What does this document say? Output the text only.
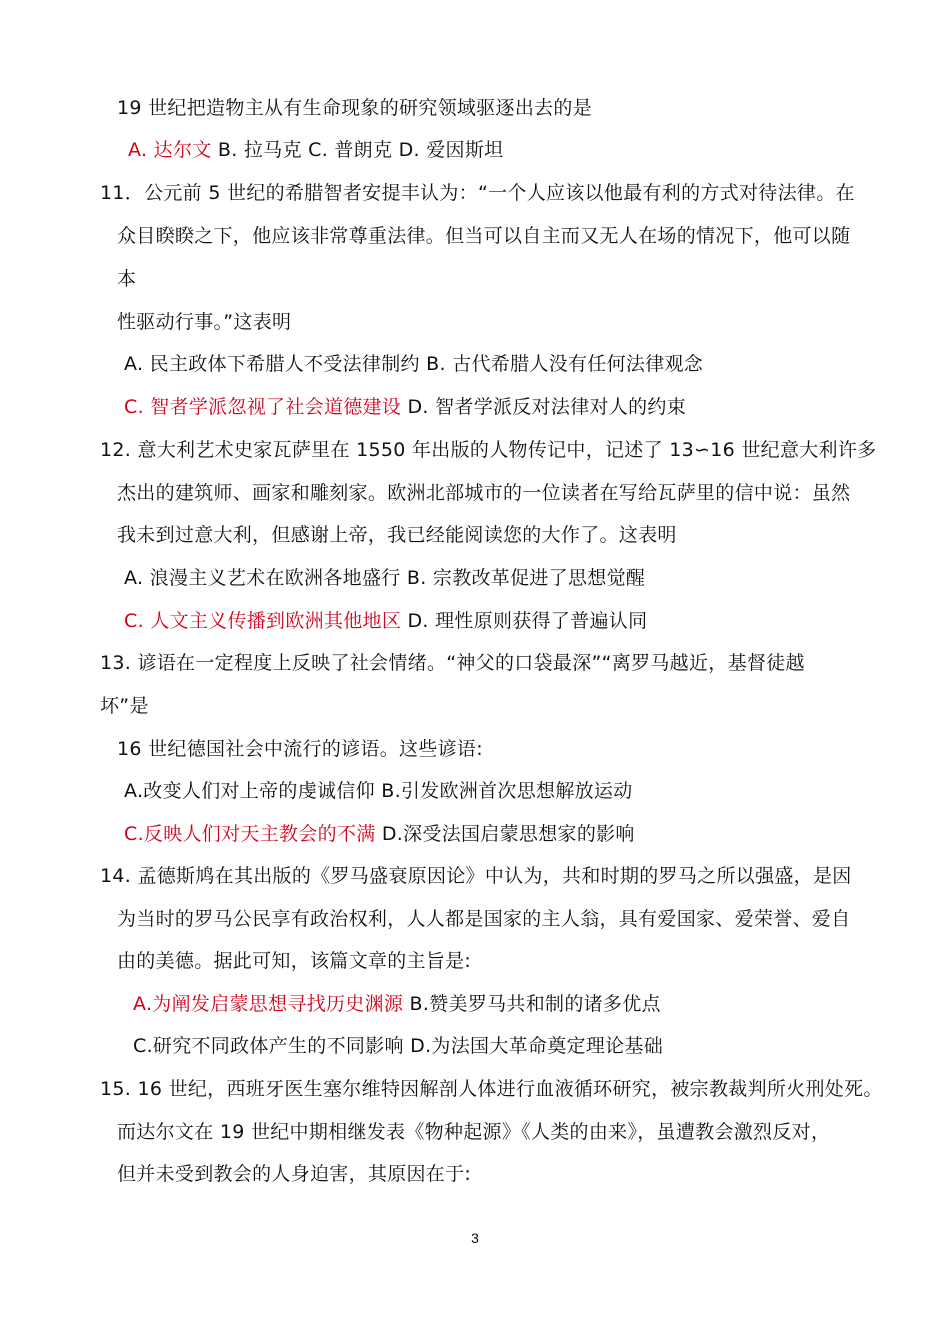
19 世纪把造物主从有生命现象的研究领域驱逐出去的是
A. 达尔文 B. 拉马克 C. 普朗克 D. 爱因斯坦
11．公元前 5 世纪的希腊智者安提丰认为：“一个人应该以他最有利的方式对待法律。在
众目睽睽之下，他应该非常尊重法律。但当可以自主而又无人在场的情况下，他可以随
本
性驱动行事。”这表明
A. 民主政体下希腊人不受法律制约 B. 古代希腊人没有任何法律观念
C. 智者学派忽视了社会道德建设 D. 智者学派反对法律对人的约束
12. 意大利艺术史家瓦萨里在 1550 年出版的人物传记中，记述了 13∽16 世纪意大利许多
杰出的建筑师、画家和雕刻家。欧洲北部城市的一位读者在写给瓦萨里的信中说：虽然
我未到过意大利，但感谢上帝，我已经能阅读您的大作了。这表明
A. 浪漫主义艺术在欧洲各地盛行 B. 宗教改革促进了思想觉醒
C. 人文主义传播到欧洲其他地区 D. 理性原则获得了普遍认同
13. 谚语在一定程度上反映了社会情绪。“神父的口袋最深”“离罗马越近，基督徒越
坏”是
16 世纪德国社会中流行的谚语。这些谚语:
A.改变人们对上帝的虔诚信仰 B.引发欧洲首次思想解放运动
C.反映人们对天主教会的不满 D.深受法国启蒙思想家的影响
14. 孟德斯鸠在其出版的《罗马盛衰原因论》中认为，共和时期的罗马之所以强盛，是因
为当时的罗马公民享有政治权利，人人都是国家的主人翁，具有爱国家、爱荣誉、爱自
由的美德。据此可知，该篇文章的主旨是:
A.为阐发启蒙思想寻找历史渊源 B.赞美罗马共和制的诸多优点
C.研究不同政体产生的不同影响 D.为法国大革命奠定理论基础
15. 16 世纪，西班牙医生塞尔维特因解剖人体进行血液循环研究，被宗教裁判所火刑处死。
而达尔文在 19 世纪中期相继发表《物种起源》《人类的由来》，虽遭教会激烈反对，
但并未受到教会的人身迫害，其原因在于:
3
